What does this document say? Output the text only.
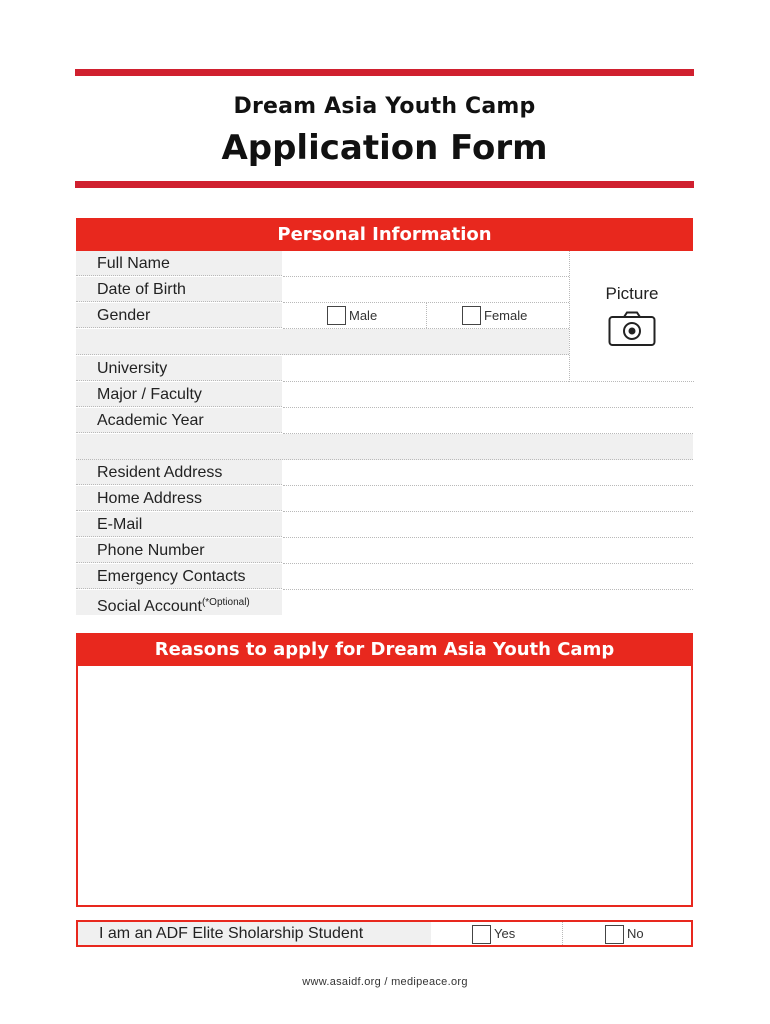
Dream Asia Youth Camp
Application Form
Personal Information
Full Name
Date of Birth
Gender	Male	Female
Picture
University
Major / Faculty
Academic Year
Resident Address
Home Address
E-Mail
Phone Number
Emergency Contacts
Social Account$^{(*Optional)}$
Reasons to apply for Dream Asia Youth Camp
I am an ADF Elite Sholarship Student	Yes	No
www.asaidf.org / medipeace.org
